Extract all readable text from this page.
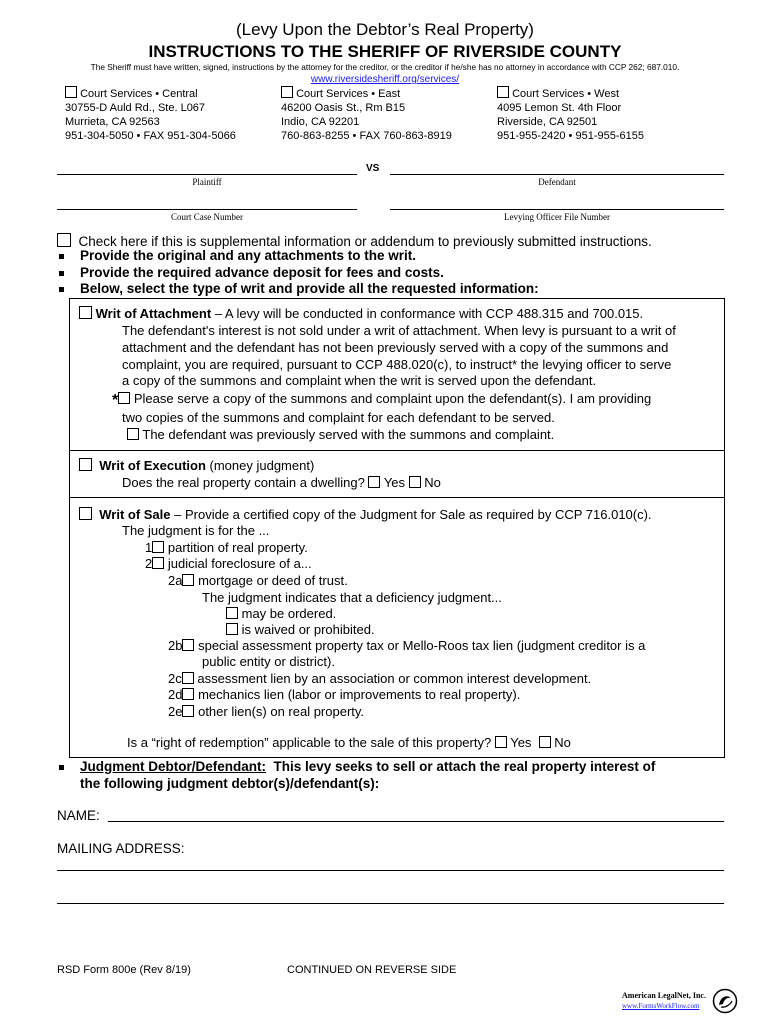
(Levy Upon the Debtor’s Real Property)
INSTRUCTIONS TO THE SHERIFF OF RIVERSIDE COUNTY
The Sheriff must have written, signed, instructions by the attorney for the creditor, or the creditor if he/she has no attorney in accordance with CCP 262; 687.010.
www.riversidesheriff.org/services/
Court Services • Central
30755-D Auld Rd., Ste. L067
Murrieta, CA 92563
951-304-5050 • FAX 951-304-5066
Court Services • East
46200 Oasis St., Rm B15
Indio, CA 92201
760-863-8255 • FAX 760-863-8919
Court Services • West
4095 Lemon St. 4th Floor
Riverside, CA 92501
951-955-2420 • 951-955-6155
VS
Plaintiff	Defendant
Court Case Number	Levying Officer File Number
Check here if this is supplemental information or addendum to previously submitted instructions.
Provide the original and any attachments to the writ.
Provide the required advance deposit for fees and costs.
Below, select the type of writ and provide all the requested information:
Writ of Attachment – A levy will be conducted in conformance with CCP 488.315 and 700.015.
The defendant's interest is not sold under a writ of attachment. When levy is pursuant to a writ of
attachment and the defendant has not been previously served with a copy of the summons and
complaint, you are required, pursuant to CCP 488.020(c), to instruct* the levying officer to serve
a copy of the summons and complaint when the writ is served upon the defendant.
* Please serve a copy of the summons and complaint upon the defendant(s). I am providing
two copies of the summons and complaint for each defendant to be served.
The defendant was previously served with the summons and complaint.
Writ of Execution (money judgment)
Does the real property contain a dwelling? Yes No
Writ of Sale – Provide a certified copy of the Judgment for Sale as required by CCP 716.010(c).
The judgment is for the ...
1 partition of real property.
2 judicial foreclosure of a...
2a mortgage or deed of trust.
The judgment indicates that a deficiency judgment...
may be ordered.
is waived or prohibited.
2b special assessment property tax or Mello-Roos tax lien (judgment creditor is a
public entity or district).
2c assessment lien by an association or common interest development.
2d mechanics lien (labor or improvements to real property).
2e other lien(s) on real property.
Is a “right of redemption” applicable to the sale of this property? Yes No
Judgment Debtor/Defendant: This levy seeks to sell or attach the real property interest of
the following judgment debtor(s)/defendant(s):
NAME:
MAILING ADDRESS:
RSD Form 800e (Rev 8/19)	CONTINUED ON REVERSE SIDE
American LegalNet, Inc.
www.FormsWorkFlow.com
